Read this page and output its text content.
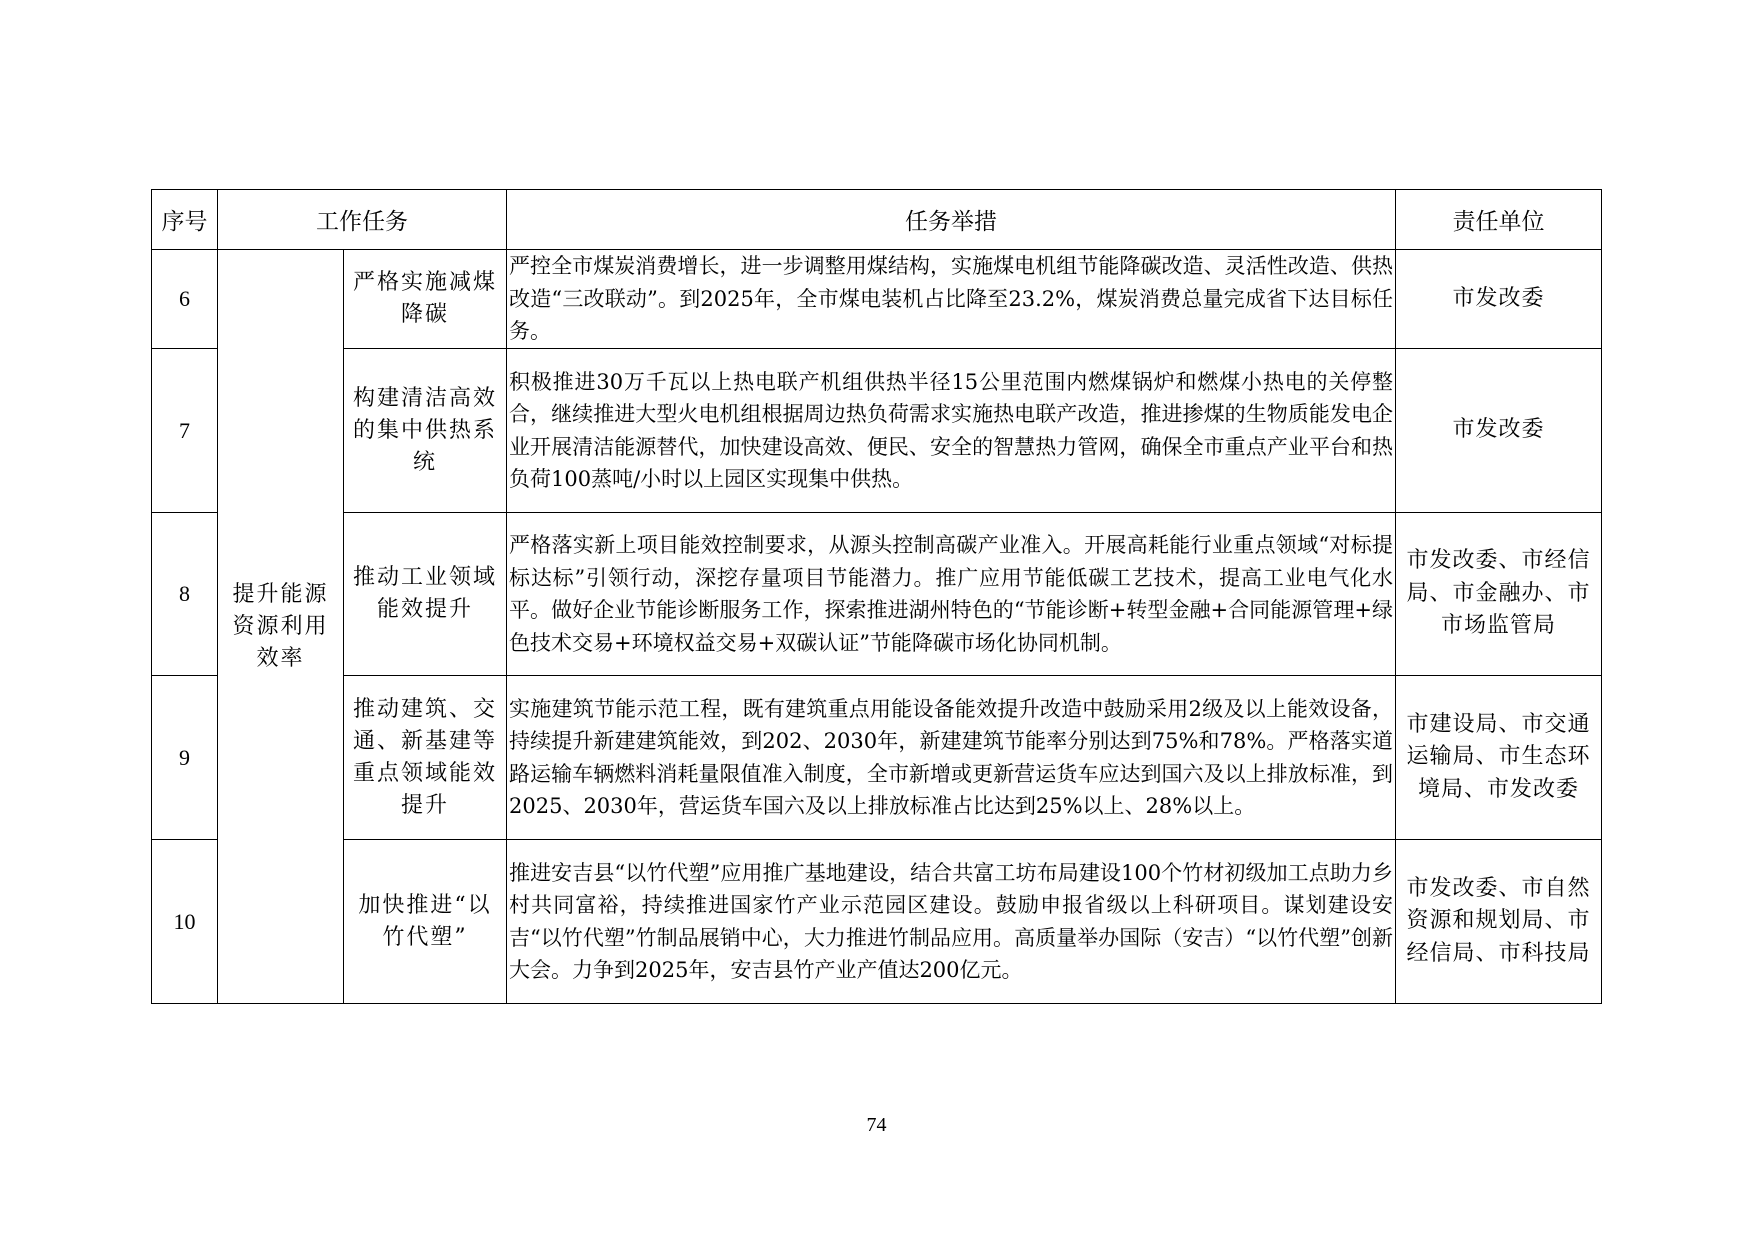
序号	工作任务		任务举措	责任单位
6	提升能源资源利用效率	严格实施减煤降碳	严控全市煤炭消费增长，进一步调整用煤结构，实施煤电机组节能降碳改造、灵活性改造、供热改造“三改联动”。到2025年，全市煤电装机占比降至23.2%，煤炭消费总量完成省下达目标任务。	市发改委
7		构建清洁高效的集中供热系统	积极推进30万千瓦以上热电联产机组供热半径15公里范围内燃煤锅炉和燃煤小热电的关停整合，继续推进大型火电机组根据周边热负荷需求实施热电联产改造，推进掺煤的生物质能发电企业开展清洁能源替代，加快建设高效、便民、安全的智慧热力管网，确保全市重点产业平台和热负荷100蒸吨/小时以上园区实现集中供热。	市发改委
8		推动工业领域能效提升	严格落实新上项目能效控制要求，从源头控制高碳产业准入。开展高耗能行业重点领域“对标提标达标”引领行动，深挖存量项目节能潜力。推广应用节能低碳工艺技术，提高工业电气化水平。做好企业节能诊断服务工作，探索推进湖州特色的“节能诊断+转型金融+合同能源管理+绿色技术交易+环境权益交易+双碳认证”节能降碳市场化协同机制。	市发改委、市经信局、市金融办、市市场监管局
9		推动建筑、交通、新基建等重点领域能效提升	实施建筑节能示范工程，既有建筑重点用能设备能效提升改造中鼓励采用2级及以上能效设备，持续提升新建建筑能效，到202、2030年，新建建筑节能率分别达到75%和78%。严格落实道路运输车辆燃料消耗量限值准入制度，全市新增或更新营运货车应达到国六及以上排放标准，到2025、2030年，营运货车国六及以上排放标准占比达到25%以上、28%以上。	市建设局、市交通运输局、市生态环境局、市发改委
10		加快推进“以竹代塑”	推进安吉县“以竹代塑”应用推广基地建设，结合共富工坊布局建设100个竹材初级加工点助力乡村共同富裕，持续推进国家竹产业示范园区建设。鼓励申报省级以上科研项目。谋划建设安吉“以竹代塑”竹制品展销中心，大力推进竹制品应用。高质量举办国际（安吉）“以竹代塑”创新大会。力争到2025年，安吉县竹产业产值达200亿元。	市发改委、市自然资源和规划局、市经信局、市科技局
74
